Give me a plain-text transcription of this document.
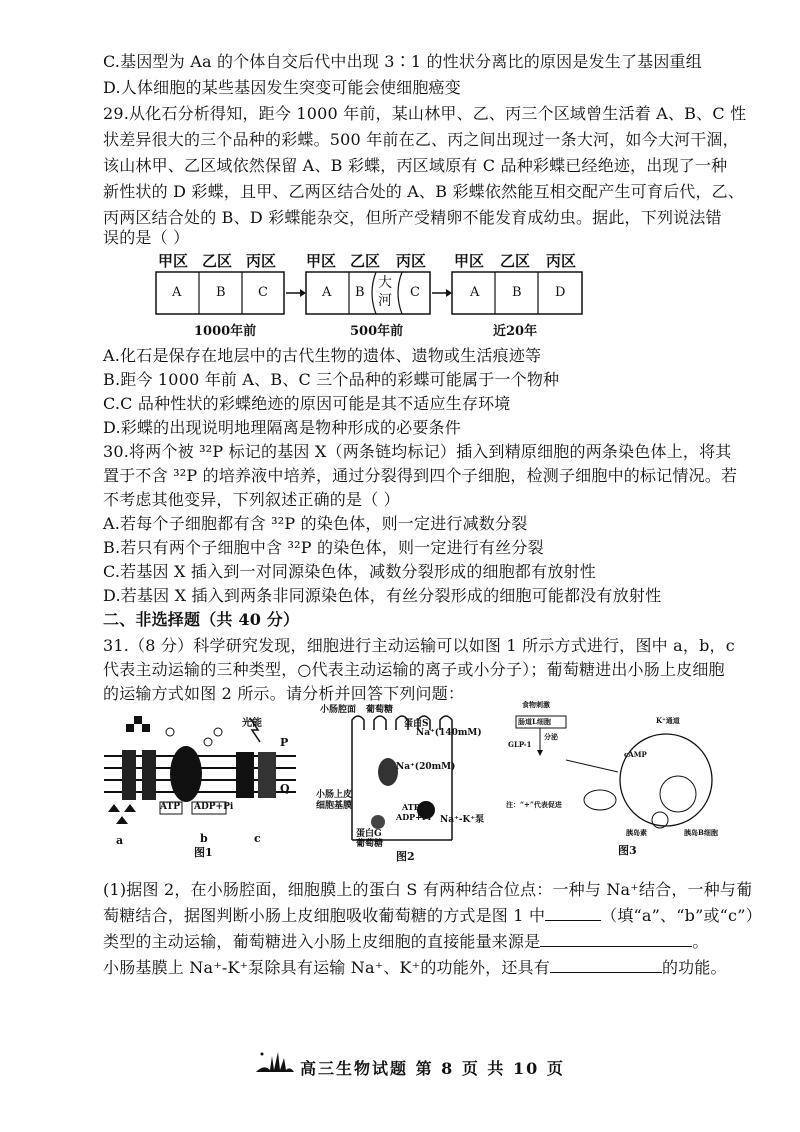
C.基因型为 Aa 的个体自交后代中出现 3∶1 的性状分离比的原因是发生了基因重组
D.人体细胞的某些基因发生突变可能会使细胞癌变
29.从化石分析得知，距今 1000 年前，某山林甲、乙、丙三个区域曾生活着 A、B、C 性
状差异很大的三个品种的彩蝶。500 年前在乙、丙之间出现过一条大河，如今大河干涸，
该山林甲、乙区域依然保留 A、B 彩蝶，丙区域原有 C 品种彩蝶已经绝迹，出现了一种
新性状的 D 彩蝶，且甲、乙两区结合处的 A、B 彩蝶依然能互相交配产生可育后代，乙、
丙两区结合处的 B、D 彩蝶能杂交，但所产受精卵不能发育成幼虫。据此，下列说法错
误的是（ ）
甲区 乙区 丙区 甲区 乙区 丙区 甲区 乙区 丙区
A	B C	A B
大河
C	A	B	D
1000年前	500年前	近20年
A.化石是保存在地层中的古代生物的遗体、遗物或生活痕迹等
B.距今 1000 年前 A、B、C 三个品种的彩蝶可能属于一个物种
C.C 品种性状的彩蝶绝迹的原因可能是其不适应生存环境
D.彩蝶的出现说明地理隔离是物种形成的必要条件
30.将两个被 ³²P 标记的基因 X（两条链均标记）插入到精原细胞的两条染色体上，将其
置于不含 ³²P 的培养液中培养，通过分裂得到四个子细胞，检测子细胞中的标记情况。若
不考虑其他变异，下列叙述正确的是（ ）
A.若每个子细胞都有含 ³²P 的染色体，则一定进行减数分裂
B.若只有两个子细胞中含 ³²P 的染色体，则一定进行有丝分裂
C.若基因 X 插入到一对同源染色体，减数分裂形成的细胞都有放射性
D.若基因 X 插入到两条非同源染色体，有丝分裂形成的细胞可能都没有放射性
二、非选择题（共 40 分）
31.（8 分）科学研究发现，细胞进行主动运输可以如图 1 所示方式进行，图中 a，b，c
代表主动运输的三种类型，○代表主动运输的离子或小分子）；葡萄糖进出小肠上皮细胞
的运输方式如图 2 所示。请分析并回答下列问题：
光能
ATP ADP+Pi
P
Q
a	b	c
图1
小肠腔面 葡萄糖
蛋白S
Na⁺(140mM)
Na⁺(20mM)
小肠上皮细胞基膜	ATP
ADP+Pi Na⁺-K⁺泵
蛋白G
葡萄糖
图2
食物刺激
肠道L细胞
GLP-1
分泌
K⁺通道
cAMP
胰岛B细胞
胰岛素
注：“+”代表促进
图3
(1)据图 2，在小肠腔面，细胞膜上的蛋白 S 有两种结合位点：一种与 Na⁺结合，一种与葡
萄糖结合，据图判断小肠上皮细胞吸收葡萄糖的方式是图 1 中	（填“a”、“b”或“c”）
类型的主动运输，葡萄糖进入小肠上皮细胞的直接能量来源是	。
小肠基膜上 Na⁺-K⁺泵除具有运输 Na⁺、K⁺的功能外，还具有	的功能。
高三生物试题 第 8 页 共 10 页
